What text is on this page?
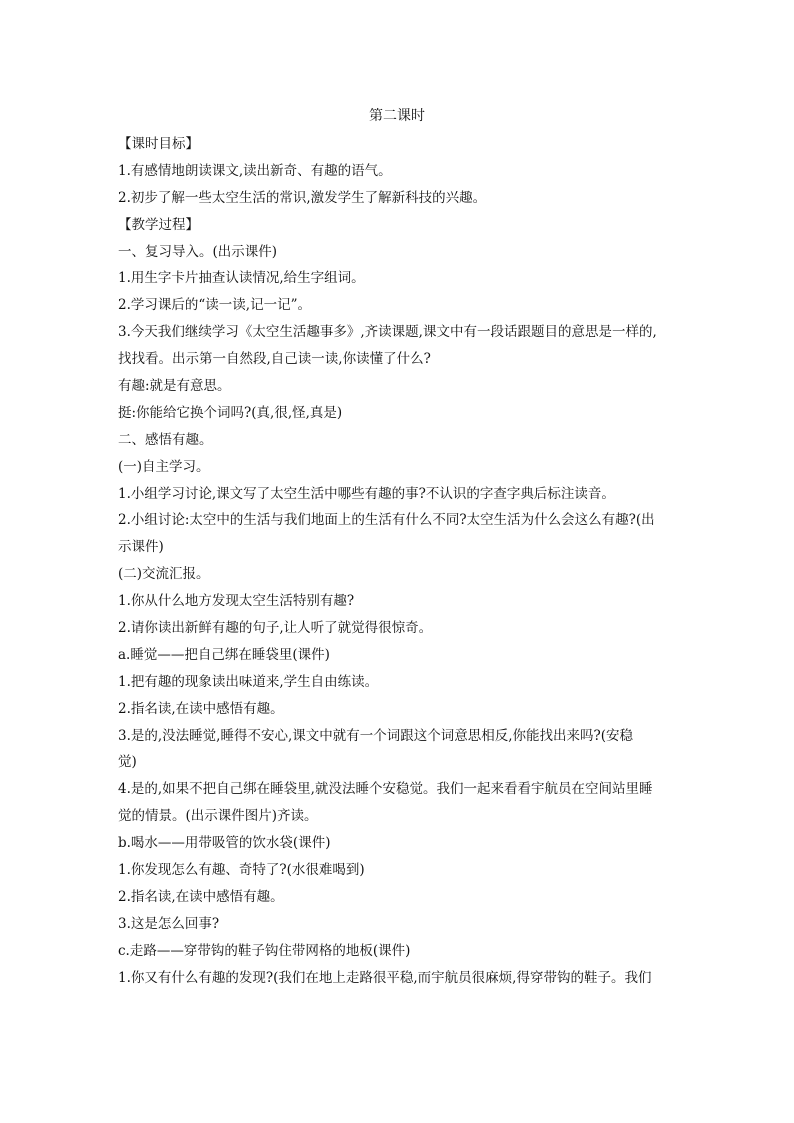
第二课时
【课时目标】
1.有感情地朗读课文,读出新奇、有趣的语气。
2.初步了解一些太空生活的常识,激发学生了解新科技的兴趣。
【教学过程】
一、复习导入。(出示课件)
1.用生字卡片抽查认读情况,给生字组词。
2.学习课后的“读一读,记一记”。
3.今天我们继续学习《太空生活趣事多》,齐读课题,课文中有一段话跟题目的意思是一样的,
找找看。出示第一自然段,自己读一读,你读懂了什么?
有趣:就是有意思。
挺:你能给它换个词吗?(真,很,怪,真是)
二、感悟有趣。
(一)自主学习。
1.小组学习讨论,课文写了太空生活中哪些有趣的事?不认识的字查字典后标注读音。
2.小组讨论:太空中的生活与我们地面上的生活有什么不同?太空生活为什么会这么有趣?(出
示课件)
(二)交流汇报。
1.你从什么地方发现太空生活特别有趣?
2.请你读出新鲜有趣的句子,让人听了就觉得很惊奇。
a.睡觉——把自己绑在睡袋里(课件)
1.把有趣的现象读出味道来,学生自由练读。
2.指名读,在读中感悟有趣。
3.是的,没法睡觉,睡得不安心,课文中就有一个词跟这个词意思相反,你能找出来吗?(安稳
觉)
4.是的,如果不把自己绑在睡袋里,就没法睡个安稳觉。我们一起来看看宇航员在空间站里睡
觉的情景。(出示课件图片)齐读。
b.喝水——用带吸管的饮水袋(课件)
1.你发现怎么有趣、奇特了?(水很难喝到)
2.指名读,在读中感悟有趣。
3.这是怎么回事?
c.走路——穿带钩的鞋子钩住带网格的地板(课件)
1.你又有什么有趣的发现?(我们在地上走路很平稳,而宇航员很麻烦,得穿带钩的鞋子。我们
